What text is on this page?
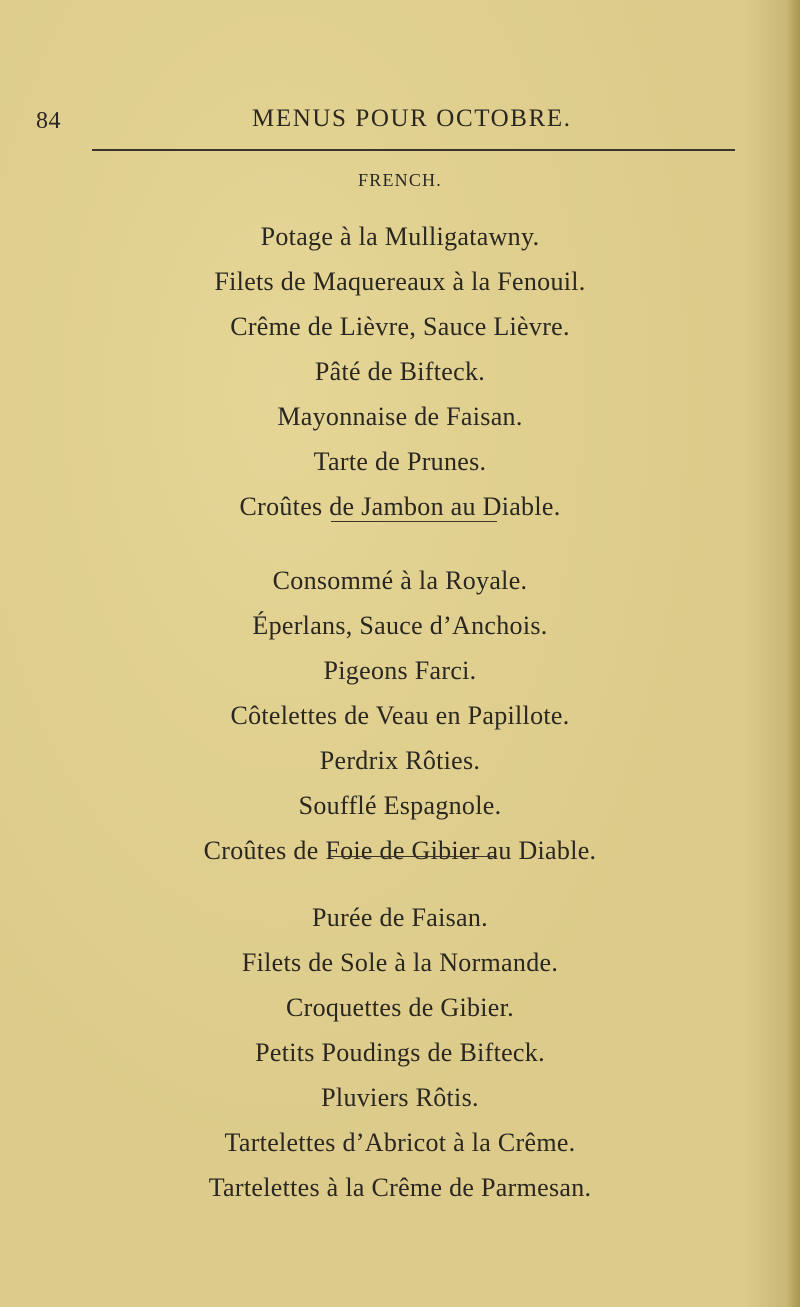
84	MENUS POUR OCTOBRE.
FRENCH.
Potage à la Mulligatawny.
Filets de Maquereaux à la Fenouil.
Crême de Lièvre, Sauce Lièvre.
Pâté de Bifteck.
Mayonnaise de Faisan.
Tarte de Prunes.
Croûtes de Jambon au Diable.
Consommé à la Royale.
Éperlans, Sauce d’Anchois.
Pigeons Farci.
Côtelettes de Veau en Papillote.
Perdrix Rôties.
Soufflé Espagnole.
Croûtes de Foie de Gibier au Diable.
Purée de Faisan.
Filets de Sole à la Normande.
Croquettes de Gibier.
Petits Poudings de Bifteck.
Pluviers Rôtis.
Tartelettes d’Abricot à la Crême.
Tartelettes à la Crême de Parmesan.
